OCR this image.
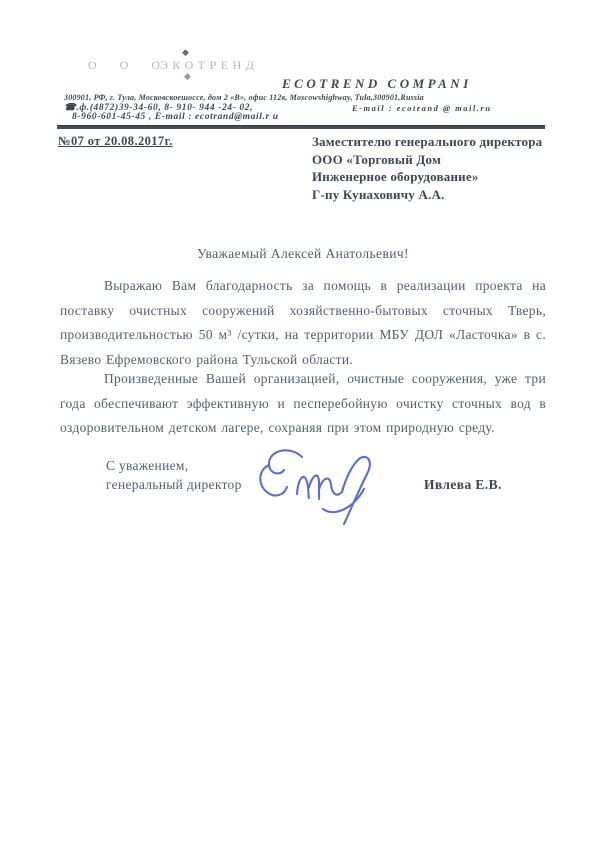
О О О
◆
ЭКОТРЕНД
◆	ECOTREND COMPANI
300901, РФ, г. Тула, Московскоешоссе, дом 2 «В», офис 112в, Moscowshighway, Tula,300901,Russia
☎.ф.(4872)39-34-60, 8- 910- 944 -24- 02,	E-mail : ecotrand @ mail.ru
8-960-601-45-45 , E-mail : ecotrand@mail.r u
№07 от 20.08.2017г.	Заместителю генерального директора
ООО «Торговый Дом
Инженерное оборудование»
Г-пу Кунаховичу А.А.
Уважаемый Алексей Анатольевич!
Выражаю Вам благодарность за помощь в реализации проекта на
поставку очистных сооружений хозяйственно-бытовых сточных Тверь,
производительностью 50 м³ /сутки, на территории МБУ ДОЛ «Ласточка» в с.
Вязево Ефремовского района Тульской области.
Произведенные Вашей организацией, очистные сооружения, уже три
года обеспечивают эффективную и песперебойную очистку сточных вод в
оздоровительном детском лагере, сохраняя при этом природную среду.
С уважением,
генеральный директор	Ивлева Е.В.
